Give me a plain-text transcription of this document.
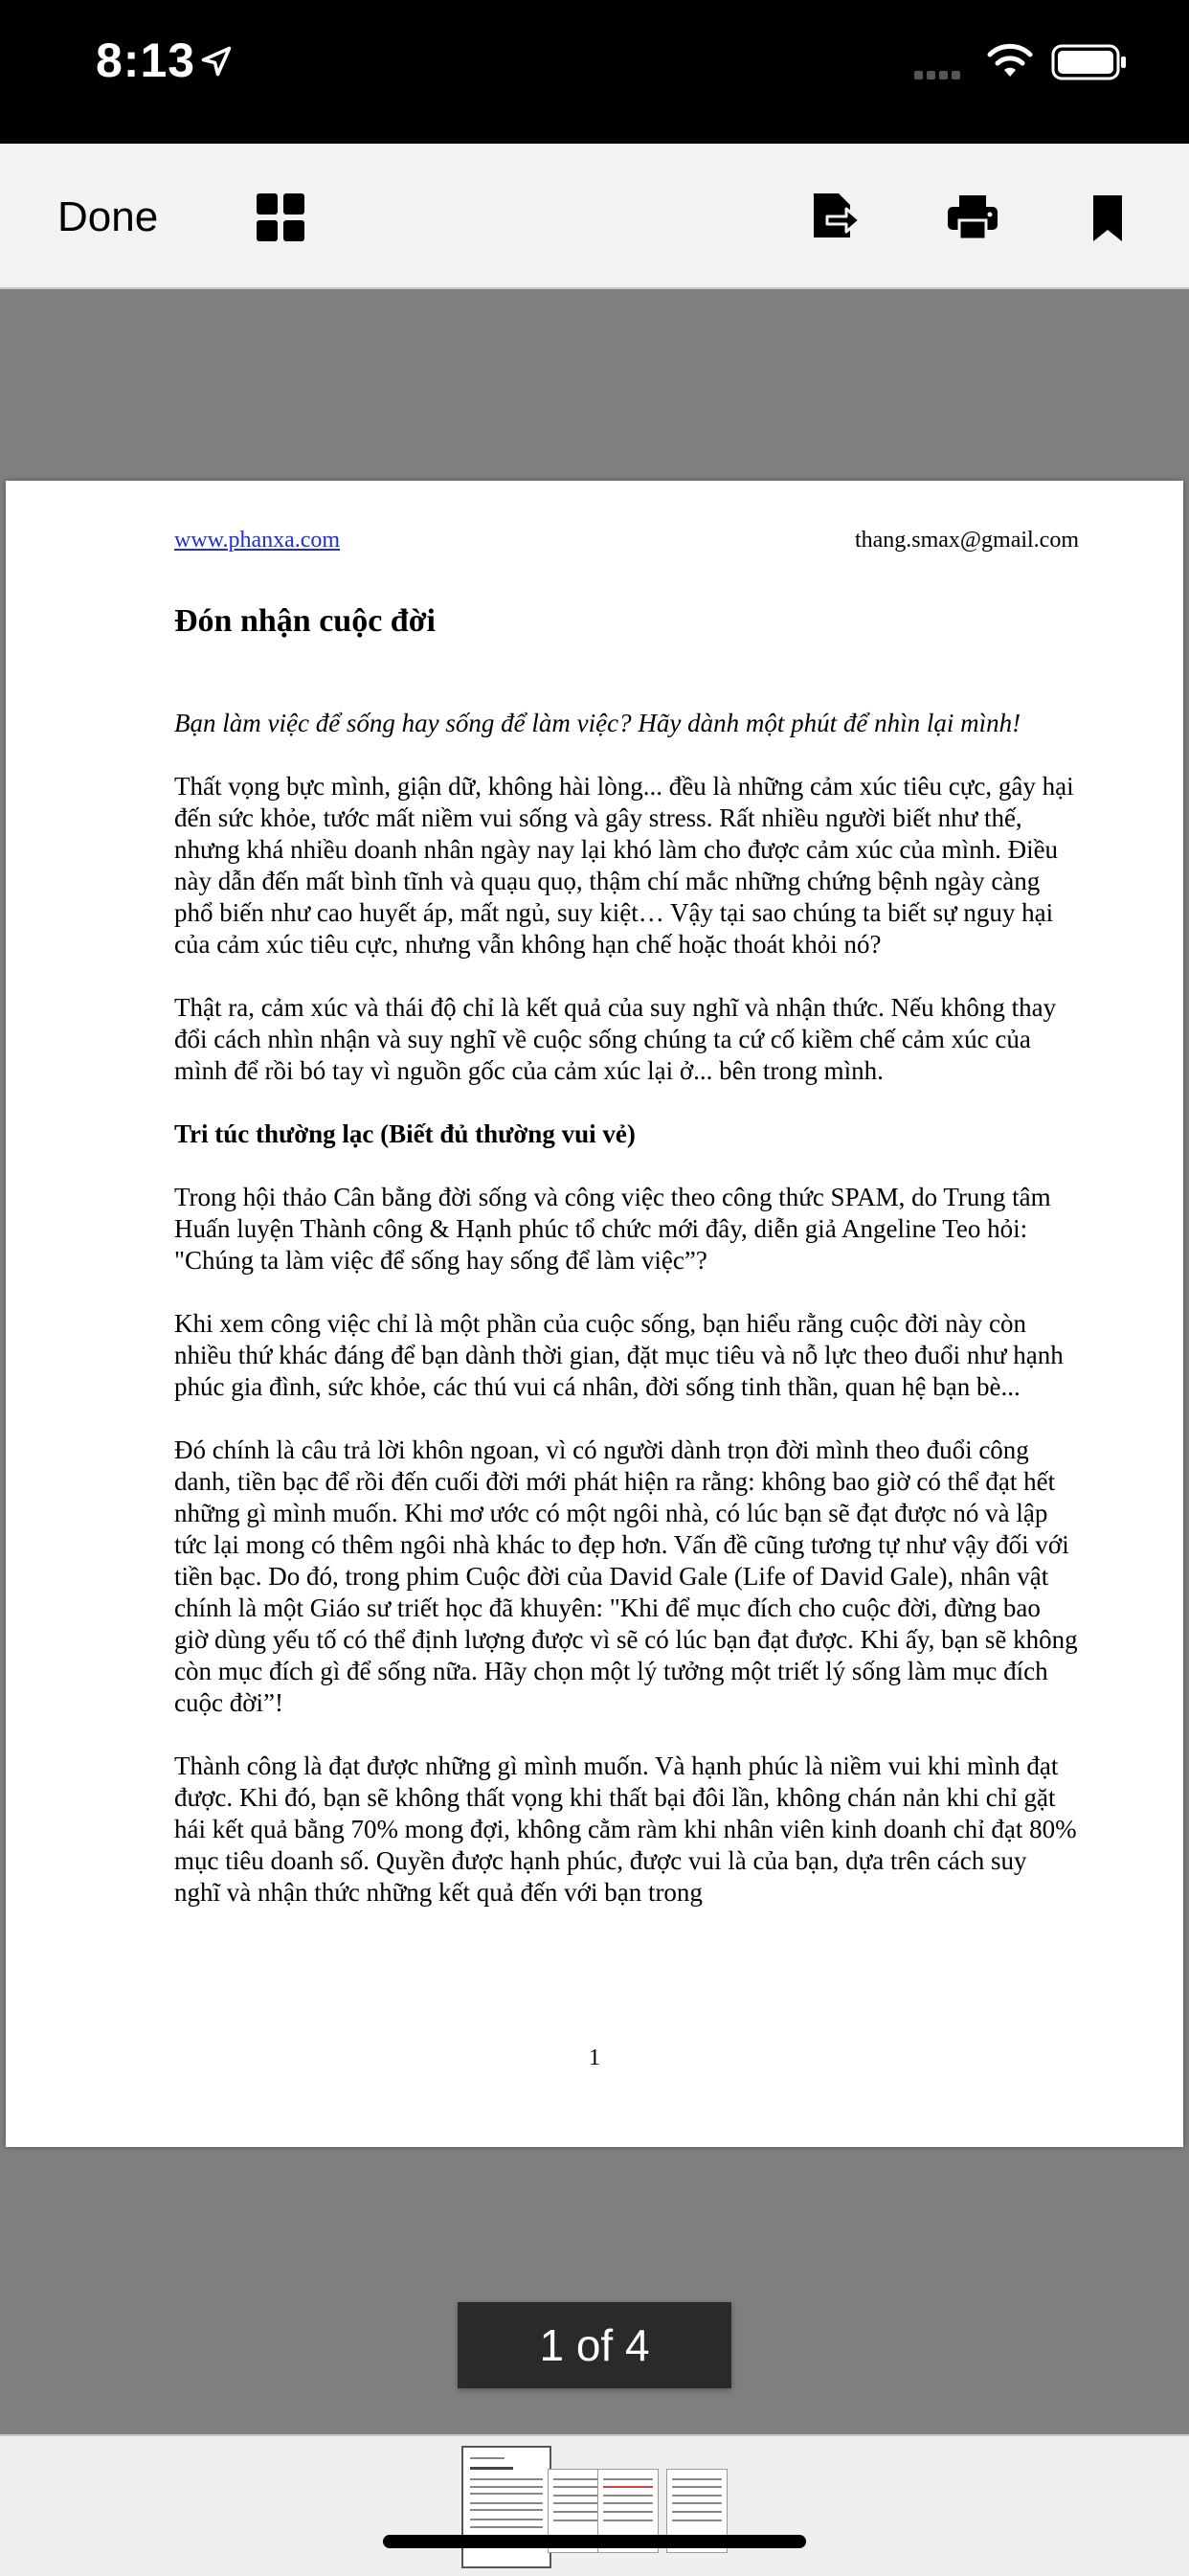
8:13
Done
www.phanxa.com	thang.smax@gmail.com
Đón nhận cuộc đời

Bạn làm việc để sống hay sống để làm việc? Hãy dành một phút để nhìn lại mình!

Thất vọng bực mình, giận dữ, không hài lòng... đều là những cảm xúc tiêu cực, gây hại đến sức khỏe, tước mất niềm vui sống và gây stress. Rất nhiều người biết như thế, nhưng khá nhiều doanh nhân ngày nay lại khó làm cho được cảm xúc của mình. Điều này dẫn đến mất bình tĩnh và quạu quọ, thậm chí mắc những chứng bệnh ngày càng phổ biến như cao huyết áp, mất ngủ, suy kiệt… Vậy tại sao chúng ta biết sự nguy hại của cảm xúc tiêu cực, nhưng vẫn không hạn chế hoặc thoát khỏi nó?

Thật ra, cảm xúc và thái độ chỉ là kết quả của suy nghĩ và nhận thức. Nếu không thay đổi cách nhìn nhận và suy nghĩ về cuộc sống chúng ta cứ cố kiềm chế cảm xúc của mình để rồi bó tay vì nguồn gốc của cảm xúc lại ở... bên trong mình.

Tri túc thường lạc (Biết đủ thường vui vẻ)

Trong hội thảo Cân bằng đời sống và công việc theo công thức SPAM, do Trung tâm Huấn luyện Thành công & Hạnh phúc tổ chức mới đây, diễn giả Angeline Teo hỏi: "Chúng ta làm việc để sống hay sống để làm việc”?

Khi xem công việc chỉ là một phần của cuộc sống, bạn hiểu rằng cuộc đời này còn nhiều thứ khác đáng để bạn dành thời gian, đặt mục tiêu và nỗ lực theo đuổi như hạnh phúc gia đình, sức khỏe, các thú vui cá nhân, đời sống tinh thần, quan hệ bạn bè...

Đó chính là câu trả lời khôn ngoan, vì có người dành trọn đời mình theo đuổi công danh, tiền bạc để rồi đến cuối đời mới phát hiện ra rằng: không bao giờ có thể đạt hết những gì mình muốn. Khi mơ ước có một ngôi nhà, có lúc bạn sẽ đạt được nó và lập tức lại mong có thêm ngôi nhà khác to đẹp hơn. Vấn đề cũng tương tự như vậy đối với tiền bạc. Do đó, trong phim Cuộc đời của David Gale (Life of David Gale), nhân vật chính là một Giáo sư triết học đã khuyên: "Khi để mục đích cho cuộc đời, đừng bao giờ dùng yếu tố có thể định lượng được vì sẽ có lúc bạn đạt được. Khi ấy, bạn sẽ không còn mục đích gì để sống nữa. Hãy chọn một lý tưởng một triết lý sống làm mục đích cuộc đời”!

Thành công là đạt được những gì mình muốn. Và hạnh phúc là niềm vui khi mình đạt được. Khi đó, bạn sẽ không thất vọng khi thất bại đôi lần, không chán nản khi chỉ gặt hái kết quả bằng 70% mong đợi, không cằm ràm khi nhân viên kinh doanh chỉ đạt 80% mục tiêu doanh số. Quyền được hạnh phúc, được vui là của bạn, dựa trên cách suy nghĩ và nhận thức những kết quả đến với bạn trong

1
1 of 4
